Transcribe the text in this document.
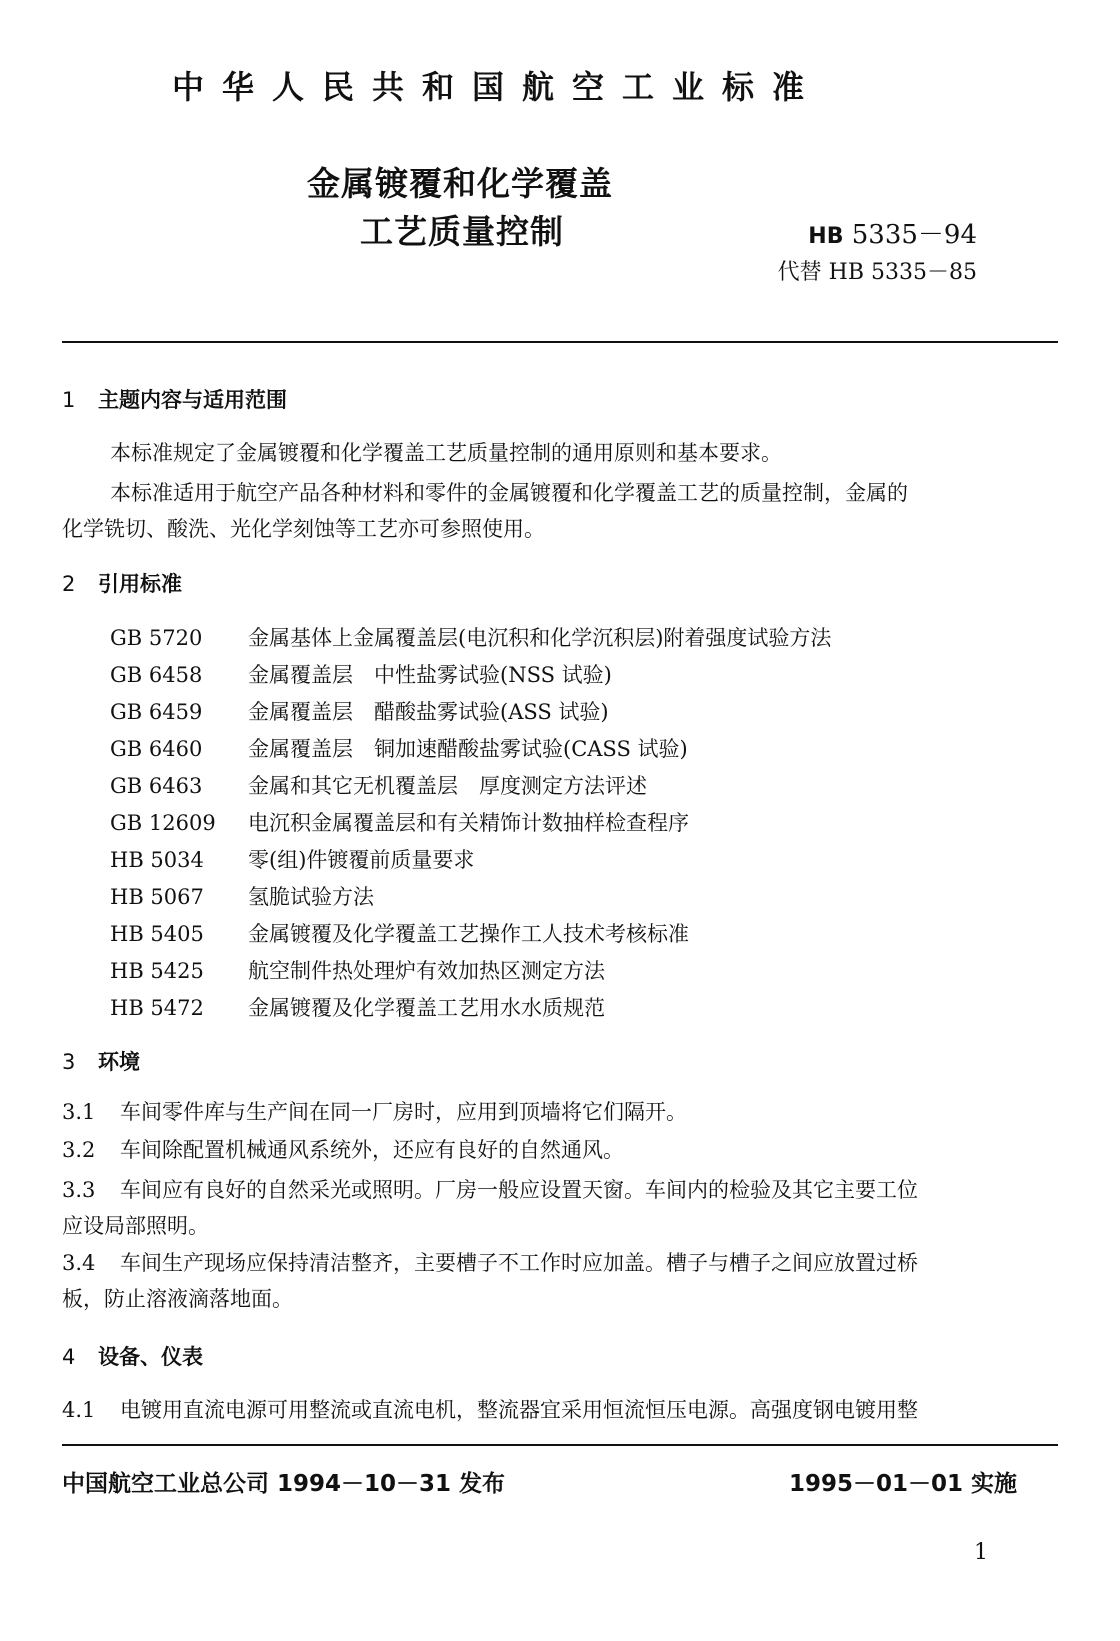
中华人民共和国航空工业标准
金属镀覆和化学覆盖
工艺质量控制	HB 5335－94
代替 HB 5335－85
1 主题内容与适用范围
本标准规定了金属镀覆和化学覆盖工艺质量控制的通用原则和基本要求。
本标准适用于航空产品各种材料和零件的金属镀覆和化学覆盖工艺的质量控制，金属的
化学铣切、酸洗、光化学刻蚀等工艺亦可参照使用。
2 引用标准
GB 5720 金属基体上金属覆盖层(电沉积和化学沉积层)附着强度试验方法
GB 6458 金属覆盖层　中性盐雾试验(NSS 试验)
GB 6459 金属覆盖层　醋酸盐雾试验(ASS 试验)
GB 6460 金属覆盖层　铜加速醋酸盐雾试验(CASS 试验)
GB 6463 金属和其它无机覆盖层　厚度测定方法评述
GB 12609 电沉积金属覆盖层和有关精饰计数抽样检查程序
HB 5034 零(组)件镀覆前质量要求
HB 5067 氢脆试验方法
HB 5405 金属镀覆及化学覆盖工艺操作工人技术考核标准
HB 5425 航空制件热处理炉有效加热区测定方法
HB 5472 金属镀覆及化学覆盖工艺用水水质规范
3 环境
3.1 车间零件库与生产间在同一厂房时，应用到顶墙将它们隔开。
3.2 车间除配置机械通风系统外，还应有良好的自然通风。
3.3 车间应有良好的自然采光或照明。厂房一般应设置天窗。车间内的检验及其它主要工位
应设局部照明。
3.4 车间生产现场应保持清洁整齐，主要槽子不工作时应加盖。槽子与槽子之间应放置过桥
板，防止溶液滴落地面。
4 设备、仪表
4.1 电镀用直流电源可用整流或直流电机，整流器宜采用恒流恒压电源。高强度钢电镀用整
中国航空工业总公司 1994－10－31 发布	1995－01－01 实施
1
